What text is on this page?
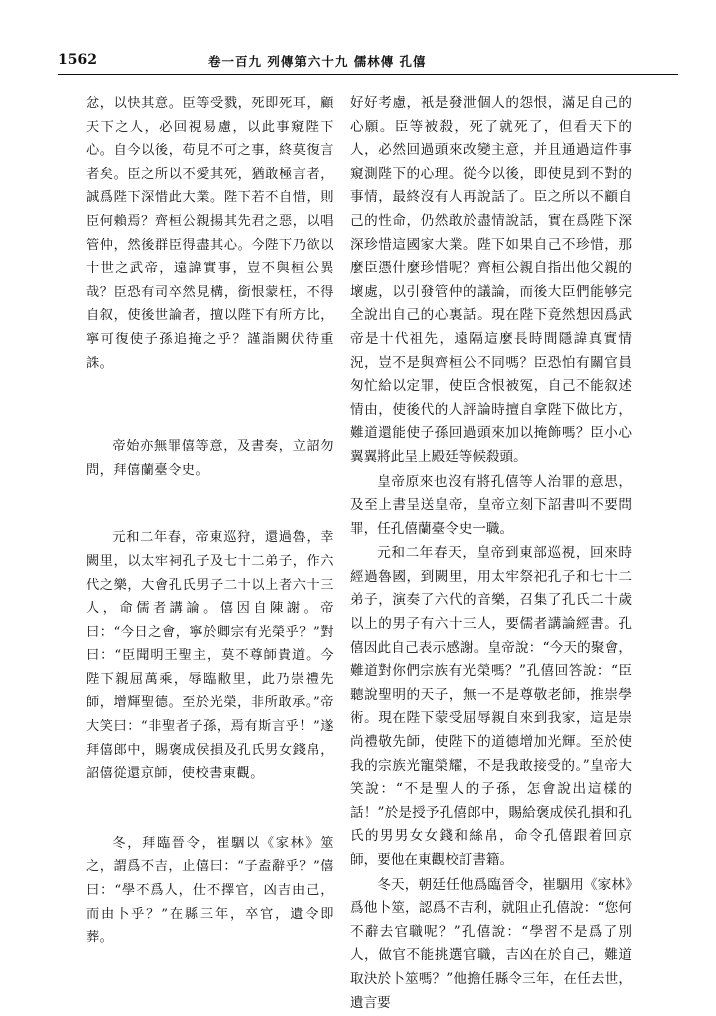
1562	卷一百九 列傳第六十九 儒林傳 孔僖

忿，以快其意。臣等受戮，死即死耳，顧天下之人，必回視易慮，以此事窺陛下心。自今以後，苟見不可之事，終莫復言者矣。臣之所以不愛其死，猶敢極言者，誠爲陛下深惜此大業。陛下若不自惜，則臣何賴焉？齊桓公親揚其先君之惡，以唱管仲，然後群臣得盡其心。今陛下乃欲以十世之武帝，遠諱實事，豈不與桓公異哉？臣恐有司卒然見構，銜恨蒙枉，不得自叙，使後世論者，擅以陛下有所方比，寧可復使子孫追掩之乎？謹詣闕伏待重誅。

帝始亦無罪僖等意，及書奏，立詔勿問，拜僖蘭臺令史。

元和二年春，帝東巡狩，還過魯，幸闕里，以太牢祠孔子及七十二弟子，作六代之樂，大會孔氏男子二十以上者六十三人，命儒者講論。僖因自陳謝。帝曰：“今日之會，寧於卿宗有光榮乎？”對曰：“臣聞明王聖主，莫不尊師貴道。今陛下親屈萬乘，辱臨敝里，此乃崇禮先師，增輝聖德。至於光榮，非所敢承。”帝大笑曰：“非聖者子孫，焉有斯言乎！”遂拜僖郎中，賜褒成侯損及孔氏男女錢帛，詔僖從還京師，使校書東觀。

冬，拜臨晉令，崔駰以《家林》筮之，謂爲不吉，止僖曰：“子盍辭乎？”僖曰：“學不爲人，仕不擇官，凶吉由己，而由卜乎？”在縣三年，卒官，遺令即葬。

好好考慮，衹是發泄個人的怨恨，滿足自己的心願。臣等被殺，死了就死了，但看天下的人，必然回過頭來改變主意，并且通過這件事窺測陛下的心理。從今以後，即使見到不對的事情，最終沒有人再說話了。臣之所以不顧自己的性命，仍然敢於盡情說話，實在爲陛下深深珍惜這國家大業。陛下如果自己不珍惜，那麼臣憑什麼珍惜呢？齊桓公親自指出他父親的壞處，以引發管仲的議論，而後大臣們能够完全說出自己的心裏話。現在陛下竟然想因爲武帝是十代祖先，遠隔這麼長時間隱諱真實情況，豈不是與齊桓公不同嗎？臣恐怕有關官員匆忙給以定罪，使臣含恨被冤，自己不能叙述情由，使後代的人評論時擅自拿陛下做比方，難道還能使子孫回過頭來加以掩飾嗎？臣小心翼翼將此呈上殿廷等候殺頭。

皇帝原來也沒有將孔僖等人治罪的意思，及至上書呈送皇帝，皇帝立刻下詔書叫不要問罪，任孔僖蘭臺令史一職。

元和二年春天，皇帝到東部巡視，回來時經過魯國，到闕里，用太牢祭祀孔子和七十二弟子，演奏了六代的音樂，召集了孔氏二十歲以上的男子有六十三人，要儒者講論經書。孔僖因此自己表示感謝。皇帝說：“今天的聚會，難道對你們宗族有光榮嗎？”孔僖回答說：“臣聽說聖明的天子，無一不是尊敬老師，推崇學術。現在陛下蒙受屈辱親自來到我家，這是崇尚禮敬先師，使陛下的道德增加光輝。至於使我的宗族光寵榮耀，不是我敢接受的。”皇帝大笑說：“不是聖人的子孫，怎會說出這樣的話！”於是授予孔僖郎中，賜給褒成侯孔損和孔氏的男男女女錢和絲帛，命令孔僖跟着回京師，要他在東觀校訂書籍。

冬天，朝廷任他爲臨晉令，崔駰用《家林》爲他卜筮，認爲不吉利，就阻止孔僖說：“您何不辭去官職呢？”孔僖說：“學習不是爲了別人，做官不能挑選官職，吉凶在於自己，難道取決於卜筮嗎？”他擔任縣令三年，在任去世，遺言要
